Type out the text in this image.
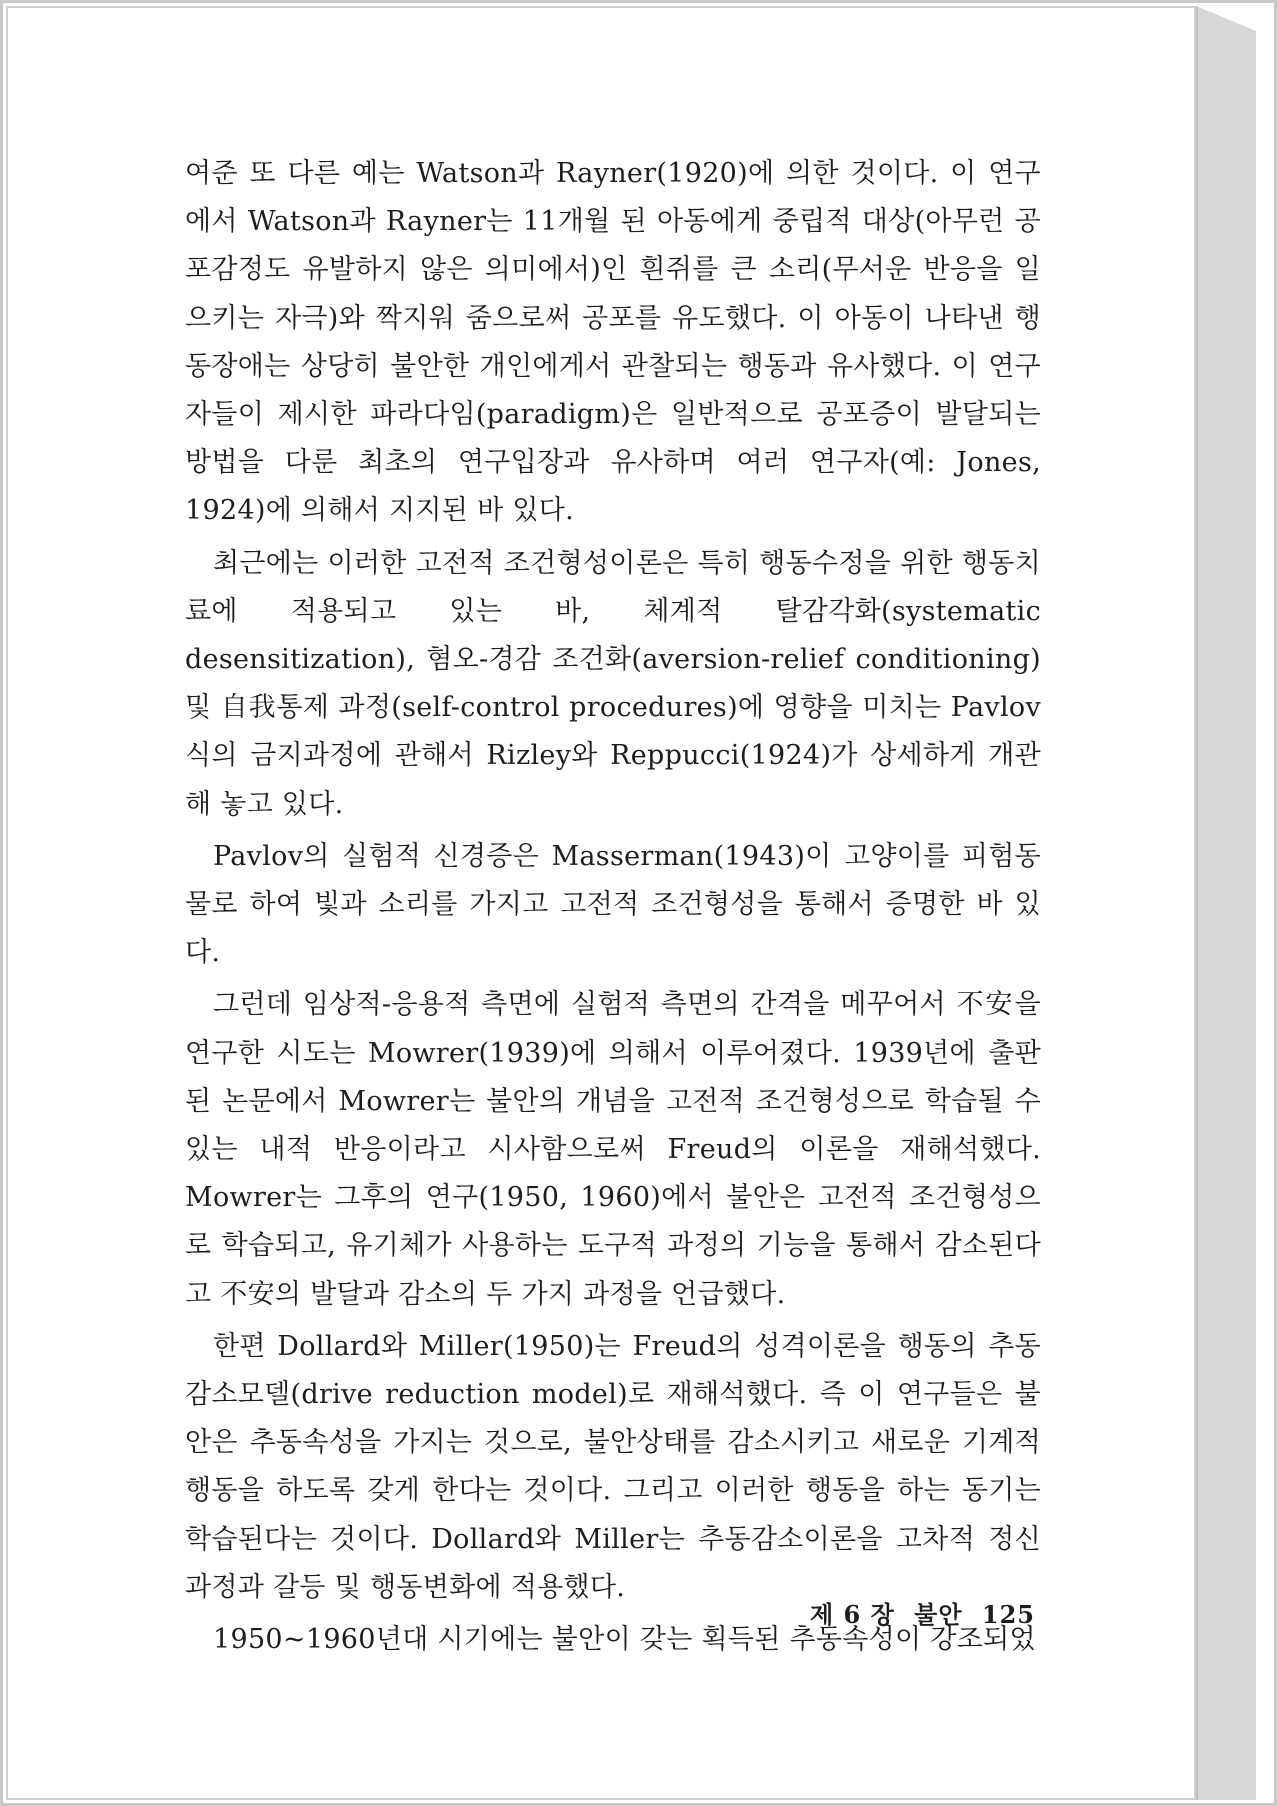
여준 또 다른 예는 Watson과 Rayner(1920)에 의한 것이다. 이 연구에서 Watson과 Rayner는 11개월 된 아동에게 중립적 대상(아무런 공포감정도 유발하지 않은 의미에서)인 흰쥐를 큰 소리(무서운 반응을 일으키는 자극)와 짝지워 줌으로써 공포를 유도했다. 이 아동이 나타낸 행동장애는 상당히 불안한 개인에게서 관찰되는 행동과 유사했다. 이 연구자들이 제시한 파라다임(paradigm)은 일반적으로 공포증이 발달되는 방법을 다룬 최초의 연구입장과 유사하며 여러 연구자(예: Jones, 1924)에 의해서 지지된 바 있다.

최근에는 이러한 고전적 조건형성이론은 특히 행동수정을 위한 행동치료에 적용되고 있는 바, 체계적 탈감각화(systematic desensitization), 혐오-경감 조건화(aversion-relief conditioning) 및 自我통제 과정(self-control procedures)에 영향을 미치는 Pavlov식의 금지과정에 관해서 Rizley와 Reppucci(1924)가 상세하게 개관해 놓고 있다.

Pavlov의 실험적 신경증은 Masserman(1943)이 고양이를 피험동물로 하여 빛과 소리를 가지고 고전적 조건형성을 통해서 증명한 바 있다.

그런데 임상적-응용적 측면에 실험적 측면의 간격을 메꾸어서 不安을 연구한 시도는 Mowrer(1939)에 의해서 이루어졌다. 1939년에 출판된 논문에서 Mowrer는 불안의 개념을 고전적 조건형성으로 학습될 수 있는 내적 반응이라고 시사함으로써 Freud의 이론을 재해석했다. Mowrer는 그후의 연구(1950, 1960)에서 불안은 고전적 조건형성으로 학습되고, 유기체가 사용하는 도구적 과정의 기능을 통해서 감소된다고 不安의 발달과 감소의 두 가지 과정을 언급했다.

한편 Dollard와 Miller(1950)는 Freud의 성격이론을 행동의 추동감소모델(drive reduction model)로 재해석했다. 즉 이 연구들은 불안은 추동속성을 가지는 것으로, 불안상태를 감소시키고 새로운 기계적 행동을 하도록 갖게 한다는 것이다. 그리고 이러한 행동을 하는 동기는 학습된다는 것이다. Dollard와 Miller는 추동감소이론을 고차적 정신과정과 갈등 및 행동변화에 적용했다.

1950~1960년대 시기에는 불안이 갖는 획득된 추동속성이 강조되었

제 6 장 불안 125
